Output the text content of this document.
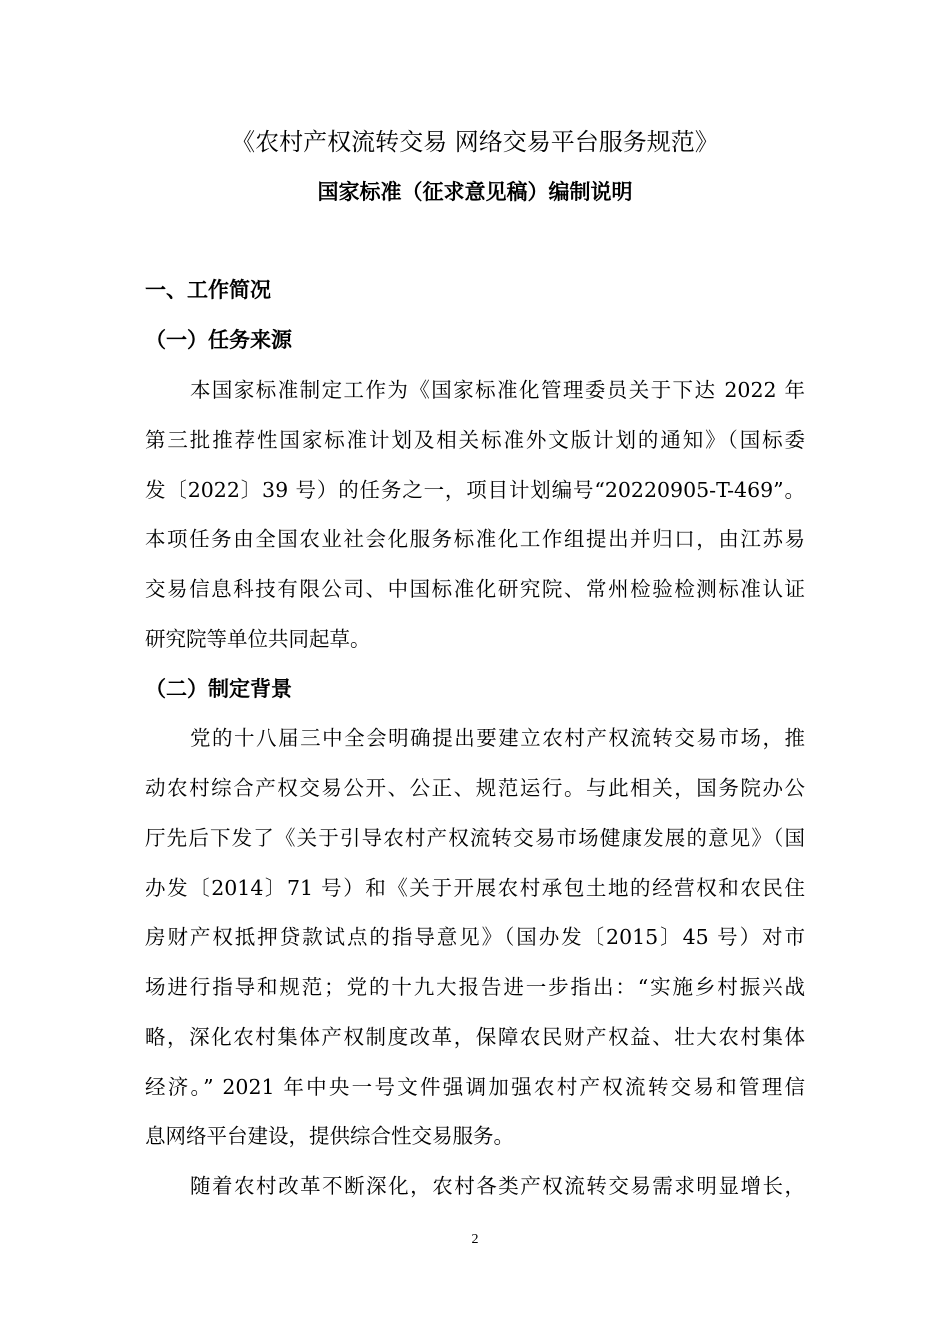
《农村产权流转交易 网络交易平台服务规范》
国家标准（征求意见稿）编制说明
一、工作简况
（一）任务来源
本国家标准制定工作为《国家标准化管理委员关于下达 2022 年
第三批推荐性国家标准计划及相关标准外文版计划的通知》（国标委
发〔2022〕39 号）的任务之一，项目计划编号“20220905-T-469”。
本项任务由全国农业社会化服务标准化工作组提出并归口，由江苏易
交易信息科技有限公司、中国标准化研究院、常州检验检测标准认证
研究院等单位共同起草。
（二）制定背景
党的十八届三中全会明确提出要建立农村产权流转交易市场，推
动农村综合产权交易公开、公正、规范运行。与此相关，国务院办公
厅先后下发了《关于引导农村产权流转交易市场健康发展的意见》（国
办发〔2014〕71 号）和《关于开展农村承包土地的经营权和农民住
房财产权抵押贷款试点的指导意见》（国办发〔2015〕45 号）对市
场进行指导和规范；党的十九大报告进一步指出：“实施乡村振兴战
略，深化农村集体产权制度改革，保障农民财产权益、壮大农村集体
经济。” 2021 年中央一号文件强调加强农村产权流转交易和管理信
息网络平台建设，提供综合性交易服务。
随着农村改革不断深化，农村各类产权流转交易需求明显增长，
2
